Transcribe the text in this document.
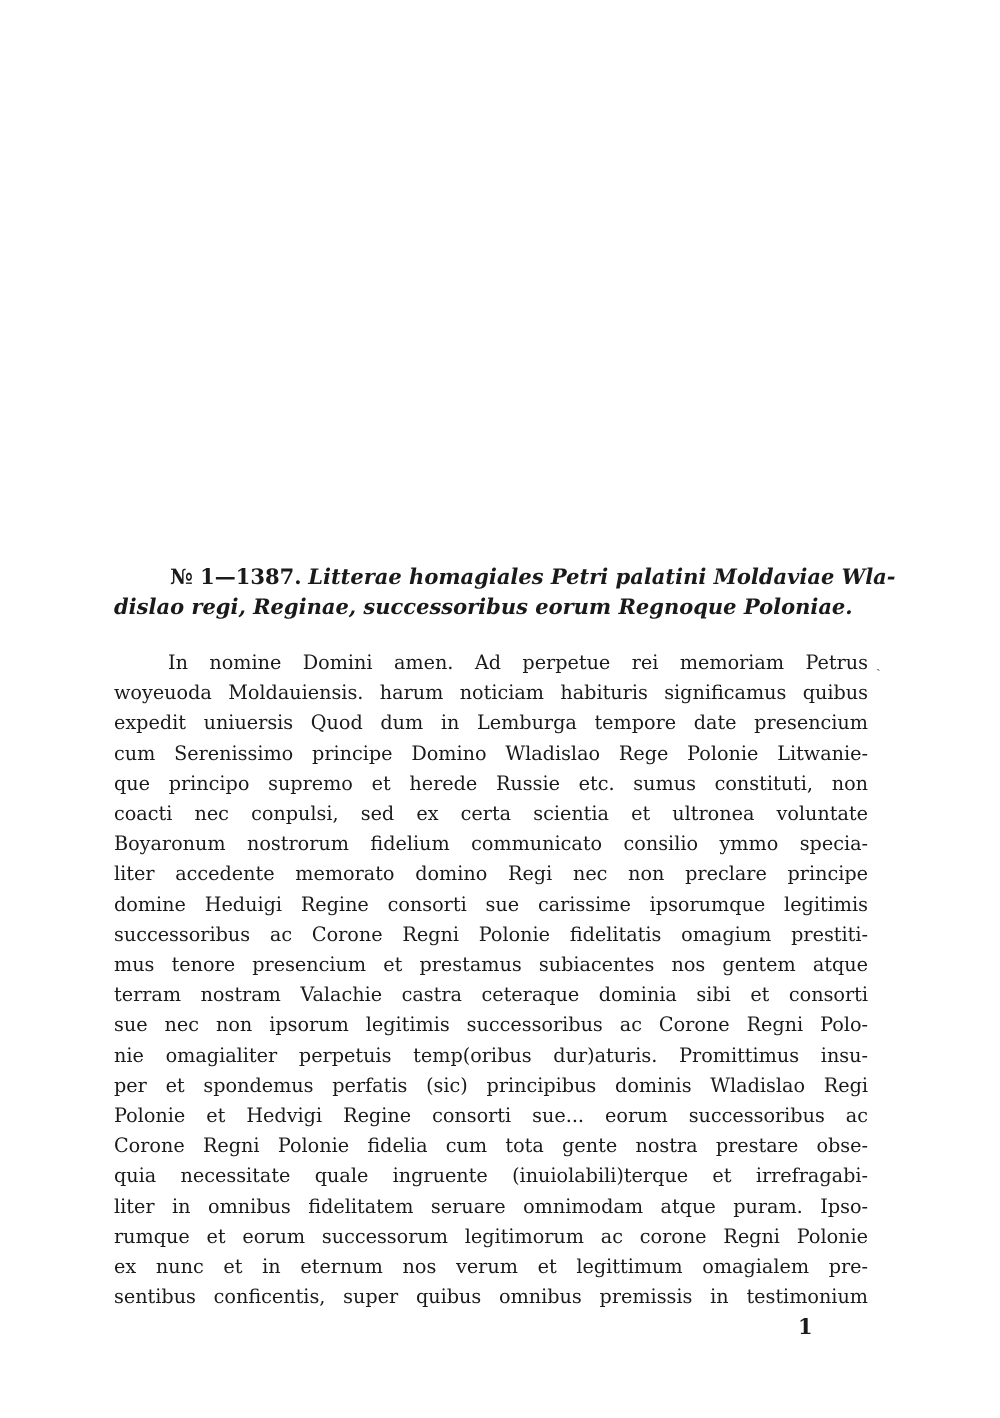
№ 1—1387. Litterae homagiales Petri palatini Moldaviae Wla-
dislao regi, Reginae, successoribus eorum Regnoque Poloniae.
In nomine Domini amen. Ad perpetue rei memoriam Petrus
woyeuoda Moldauiensis. harum noticiam habituris significamus quibus
expedit uniuersis Quod dum in Lemburga tempore date presencium
cum Serenissimo principe Domino Wladislao Rege Polonie Litwanie-
que principo supremo et herede Russie etc. sumus constituti, non
coacti nec conpulsi, sed ex certa scientia et ultronea voluntate
Boyaronum nostrorum fidelium communicato consilio ymmo specia-
liter accedente memorato domino Regi nec non preclare principe
domine Heduigi Regine consorti sue carissime ipsorumque legitimis
successoribus ac Corone Regni Polonie fidelitatis omagium prestiti-
mus tenore presencium et prestamus subiacentes nos gentem atque
terram nostram Valachie castra ceteraque dominia sibi et consorti
sue nec non ipsorum legitimis successoribus ac Corone Regni Polo-
nie omagialiter perpetuis temp(oribus dur)aturis. Promittimus insu-
per et spondemus perfatis (sic) principibus dominis Wladislao Regi
Polonie et Hedvigi Regine consorti sue... eorum successoribus ac
Corone Regni Polonie fidelia cum tota gente nostra prestare obse-
quia necessitate quale ingruente (inuiolabili)terque et irrefragabi-
liter in omnibus fidelitatem seruare omnimodam atque puram. Ipso-
rumque et eorum successorum legitimorum ac corone Regni Polonie
ex nunc et in eternum nos verum et legittimum omagialem pre-
sentibus conficentis, super quibus omnibus premissis in testimonium
ˎ
1
